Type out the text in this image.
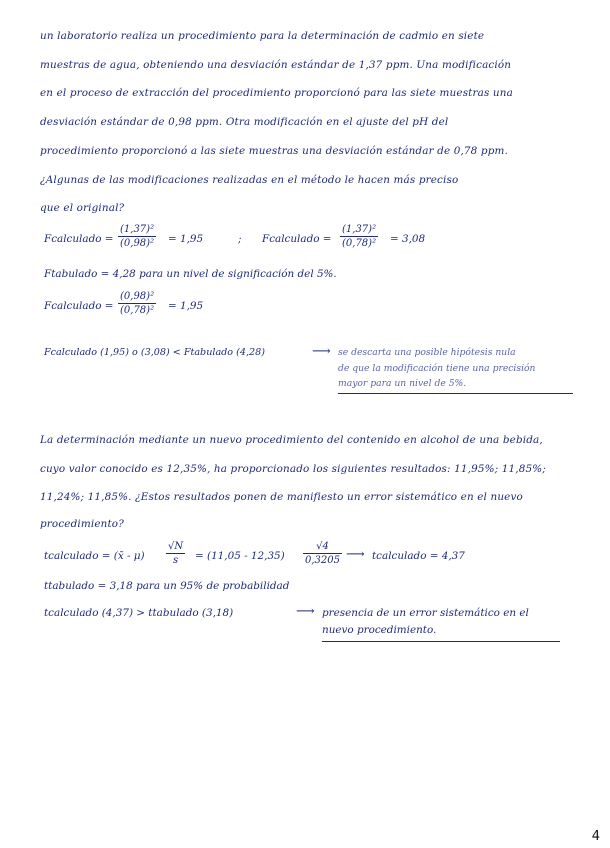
un laboratorio realiza un procedimiento para la determinación de cadmio en siete
muestras de agua, obteniendo una desviación estándar de 1,37 ppm. Una modificación
en el proceso de extracción del procedimiento proporcionó para las siete muestras una
desviación estándar de 0,98 ppm. Otra modificación en el ajuste del pH del
procedimiento proporcionó a las siete muestras una desviación estándar de 0,78 ppm.
¿Algunas de las modificaciones realizadas en el método le hacen más preciso
que el original?
Fcalculado =
(1,37)²
(0,98)² = 1,95	; Fcalculado =
(1,37)²
(0,78)² = 3,08
Ftabulado = 4,28 para un nivel de significación del 5%.
Fcalculado =
(0,98)²
(0,78)² = 1,95
Fcalculado (1,95) o (3,08) < Ftabulado (4,28)	⟶ se descarta una posible hipótesis nula
de que la modificación tiene una precisión
mayor para un nivel de 5%.
La determinación mediante un nuevo procedimiento del contenido en alcohol de una bebida,
cuyo valor conocido es 12,35%, ha proporcionado los siguientes resultados: 11,95%; 11,85%;
11,24%; 11,85%. ¿Estos resultados ponen de manifiesto un error sistemático en el nuevo
procedimiento?
tcalculado = (x̄ - μ)
√N
s	= (11,05 - 12,35)
√4
0,3205 ⟶ tcalculado = 4,37
ttabulado = 3,18 para un 95% de probabilidad
tcalculado (4,37) > ttabulado (3,18)	⟶ presencia de un error sistemático en el
nuevo procedimiento.
4
